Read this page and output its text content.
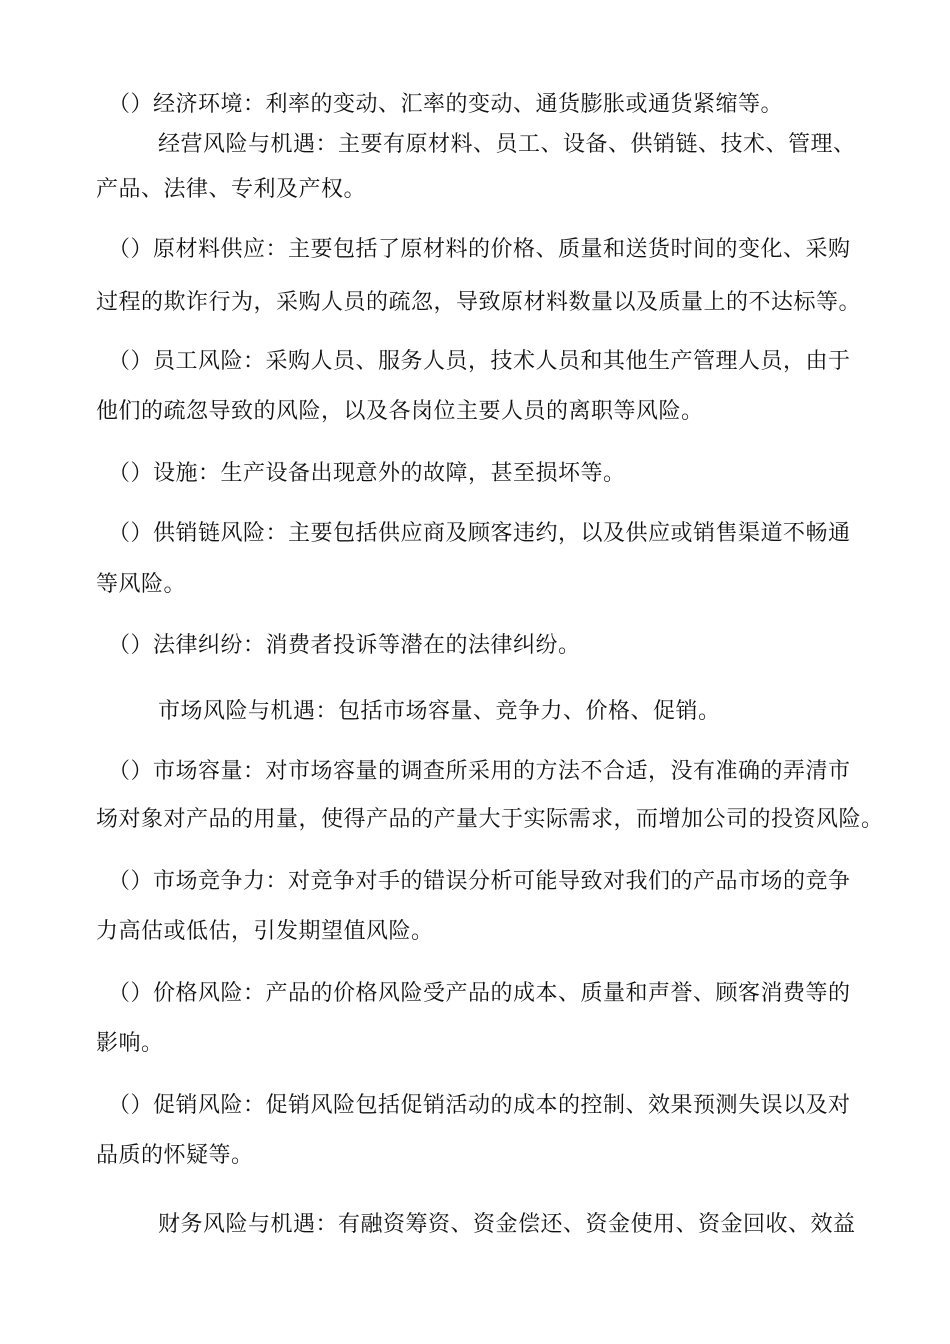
（）经济环境：利率的变动、汇率的变动、通货膨胀或通货紧缩等。

经营风险与机遇：主要有原材料、员工、设备、供销链、技术、管理、

产品、法律、专利及产权。

（）原材料供应：主要包括了原材料的价格、质量和送货时间的变化、采购

过程的欺诈行为，采购人员的疏忽，导致原材料数量以及质量上的不达标等。

（）员工风险：采购人员、服务人员，技术人员和其他生产管理人员，由于

他们的疏忽导致的风险，以及各岗位主要人员的离职等风险。

（）设施：生产设备出现意外的故障，甚至损坏等。

（）供销链风险：主要包括供应商及顾客违约，以及供应或销售渠道不畅通

等风险。

（）法律纠纷：消费者投诉等潜在的法律纠纷。

市场风险与机遇：包括市场容量、竞争力、价格、促销。

（）市场容量：对市场容量的调查所采用的方法不合适，没有准确的弄清市

场对象对产品的用量，使得产品的产量大于实际需求，而增加公司的投资风险。

（）市场竞争力：对竞争对手的错误分析可能导致对我们的产品市场的竞争

力高估或低估，引发期望值风险。

（）价格风险：产品的价格风险受产品的成本、质量和声誉、顾客消费等的

影响。

（）促销风险：促销风险包括促销活动的成本的控制、效果预测失误以及对

品质的怀疑等。

财务风险与机遇：有融资筹资、资金偿还、资金使用、资金回收、效益
